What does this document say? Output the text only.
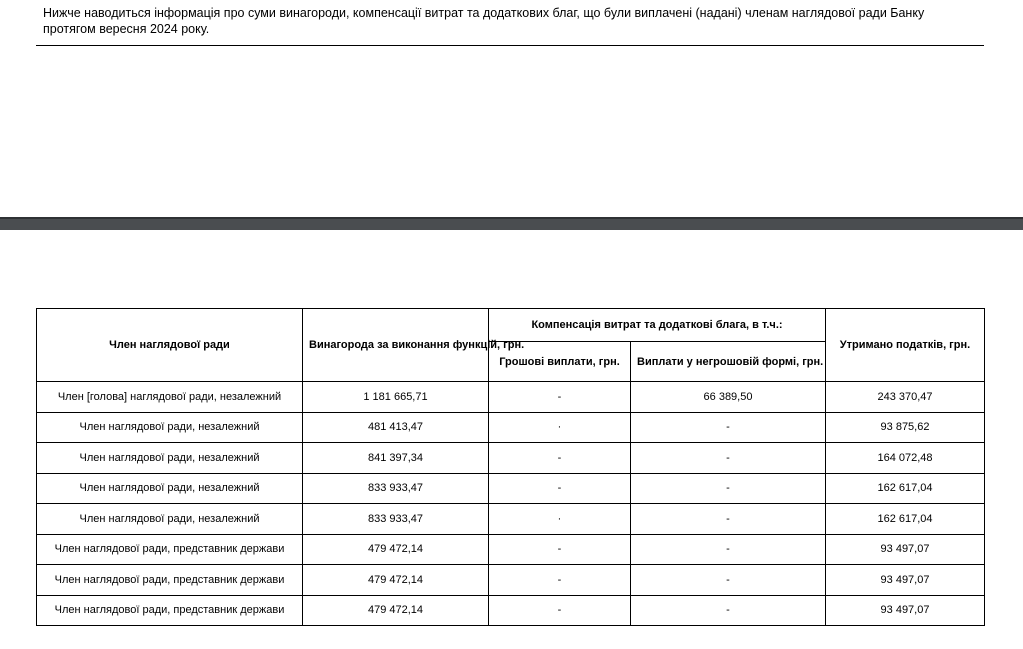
Нижче наводиться інформація про суми винагороди, компенсації витрат та додаткових благ, що були виплачені (надані) членам наглядової ради Банку протягом вересня 2024 року.
Член наглядової ради	Винагорода за виконання функцій, грн.	Компенсація витрат та додаткові блага, в т.ч.:		Утримано податків, грн.
		Грошові виплати, грн.	Виплати у негрошовій формі, грн.	
Член [голова] наглядової ради, незалежний	1 181 665,71	-	66 389,50	243 370,47
Член наглядової ради, незалежний	481 413,47	·	-	93 875,62
Член наглядової ради, незалежний	841 397,34	-	-	164 072,48
Член наглядової ради, незалежний	833 933,47	-	-	162 617,04
Член наглядової ради, незалежний	833 933,47	·	-	162 617,04
Член наглядової ради, представник держави	479 472,14	-	-	93 497,07
Член наглядової ради, представник держави	479 472,14	-	-	93 497,07
Член наглядової ради, представник держави	479 472,14	-	-	93 497,07
